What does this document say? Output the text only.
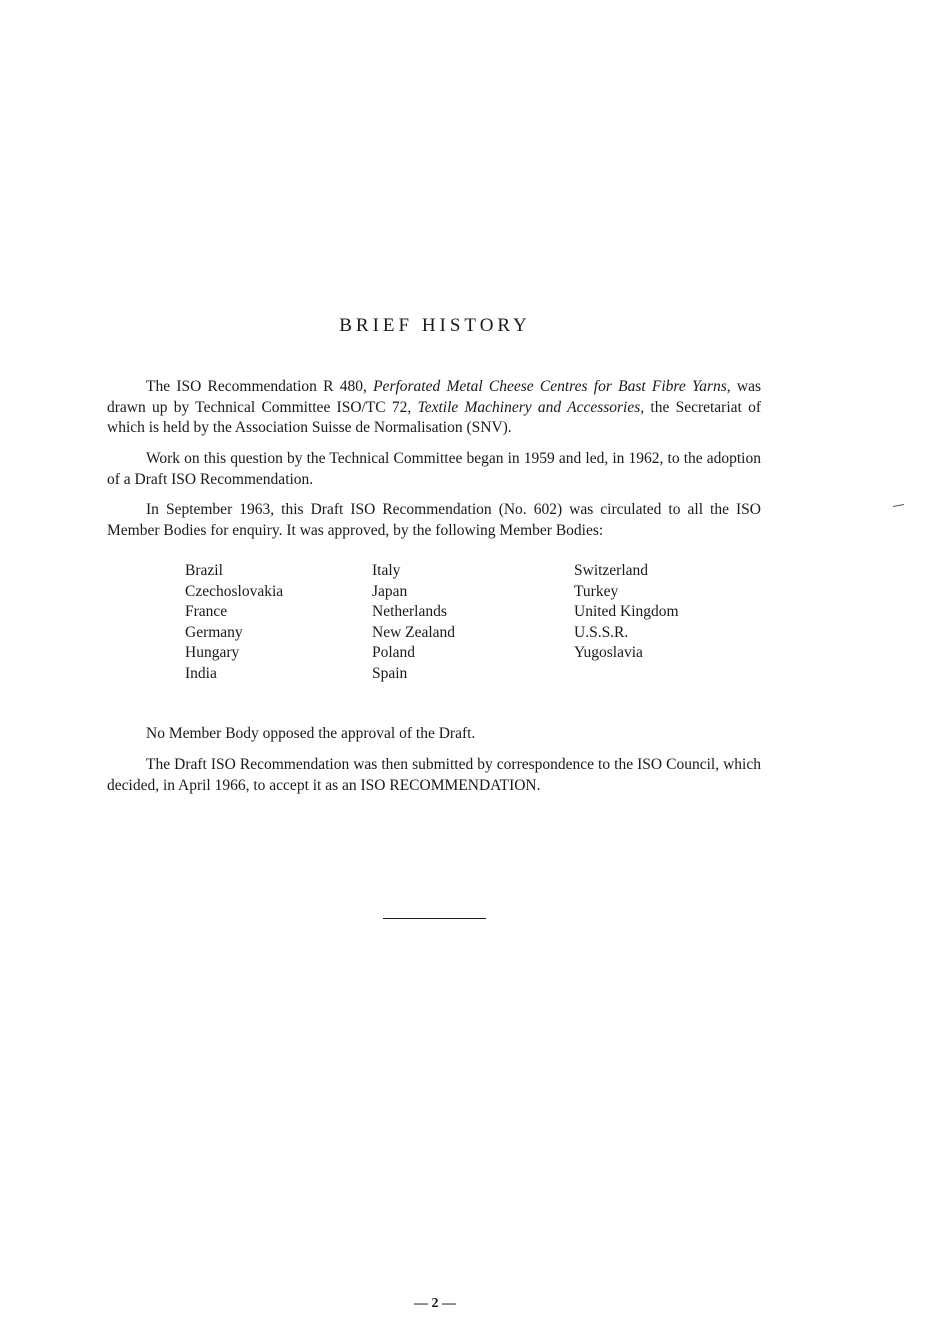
BRIEF HISTORY

The ISO Recommendation R 480, Perforated Metal Cheese Centres for Bast Fibre Yarns, was drawn up by Technical Committee ISO/TC 72, Textile Machinery and Accessories, the Secretariat of which is held by the Association Suisse de Normalisation (SNV).

Work on this question by the Technical Committee began in 1959 and led, in 1962, to the adoption of a Draft ISO Recommendation.

In September 1963, this Draft ISO Recommendation (No. 602) was circulated to all the ISO Member Bodies for enquiry. It was approved, by the following Member Bodies:

Brazil
Czechoslovakia
France
Germany
Hungary
India
Italy
Japan
Netherlands
New Zealand
Poland
Spain
Switzerland
Turkey
United Kingdom
U.S.S.R.
Yugoslavia

No Member Body opposed the approval of the Draft.

The Draft ISO Recommendation was then submitted by correspondence to the ISO Council, which decided, in April 1966, to accept it as an ISO RECOMMENDATION.

— 2 —
